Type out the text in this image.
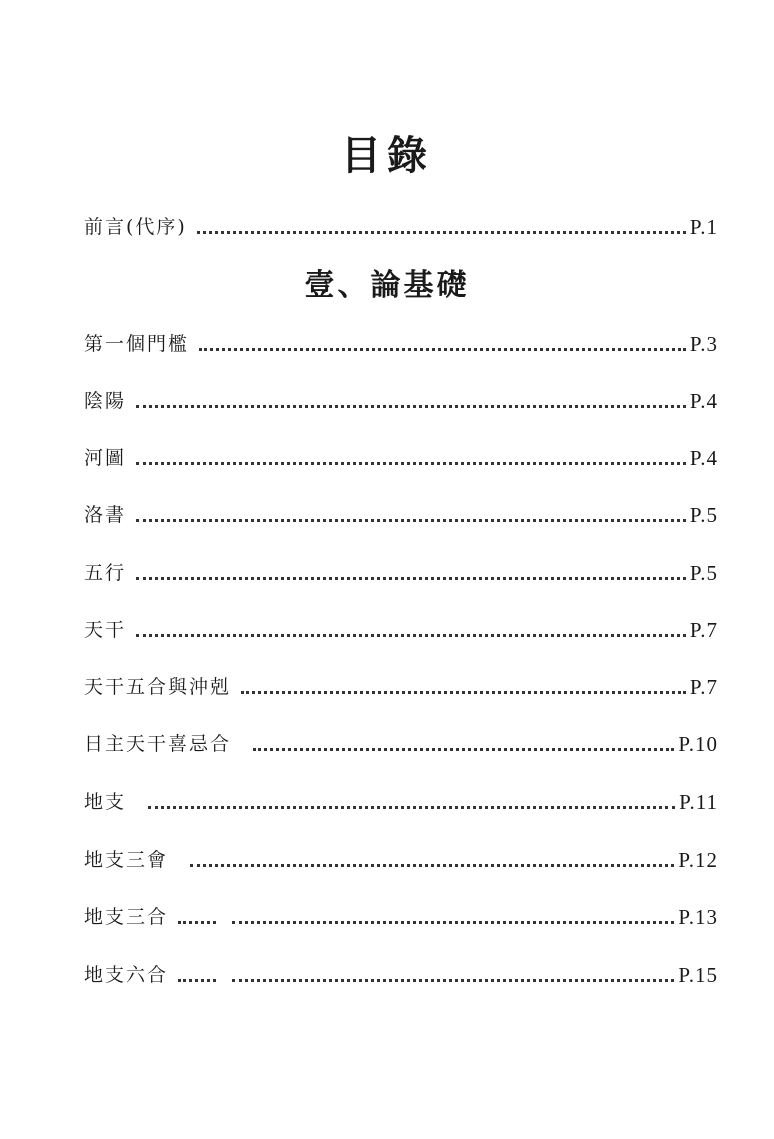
目錄
前言(代序)	P.1
壹、論基礎
第一個門檻	P.3
陰陽	P.4
河圖	P.4
洛書	P.5
五行	P.5
天干	P.7
天干五合與沖剋	P.7
日主天干喜忌合	P.10
地支	P.11
地支三會	P.12
地支三合	P.13
地支六合	P.15
